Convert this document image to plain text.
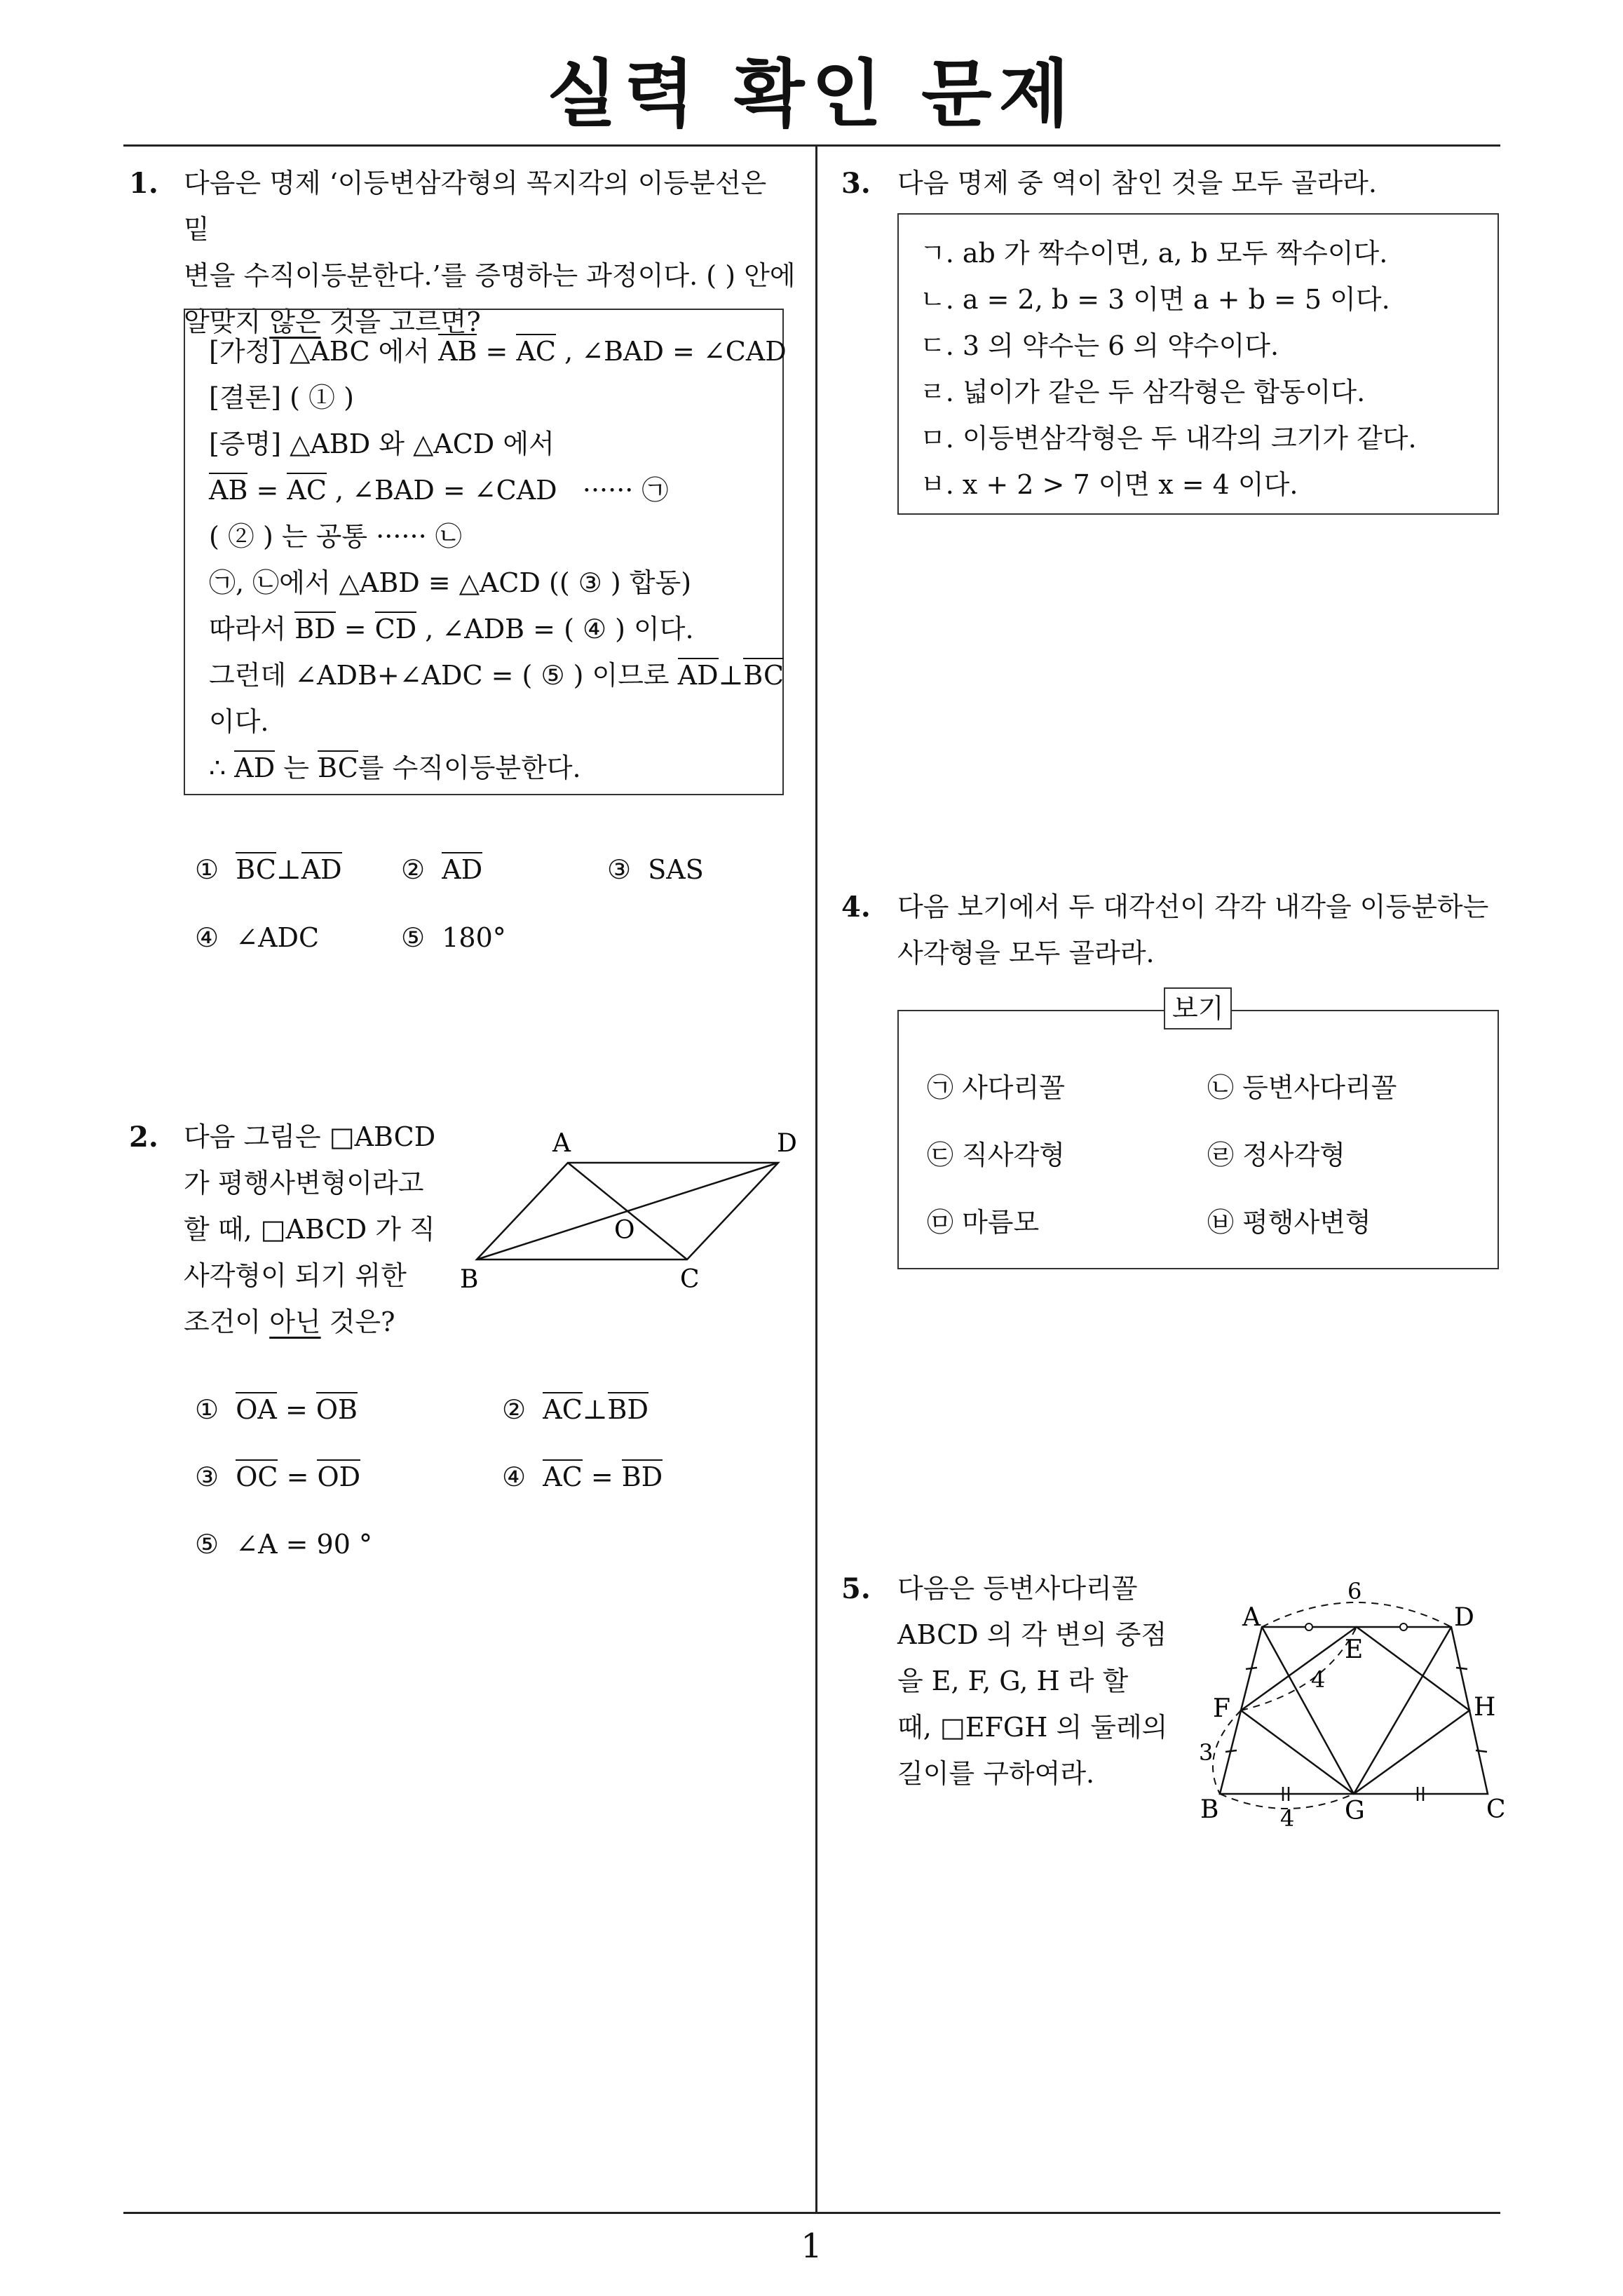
실력 확인 문제
1
1. 다음은 명제 ‘이등변삼각형의 꼭지각의 이등분선은 밑
변을 수직이등분한다.’를 증명하는 과정이다. ( ) 안에
알맞지 않은 것을 고르면?
[가정] △ABC 에서 AB = AC , ∠BAD = ∠CAD
[결론] ( ① )
[증명] △ABD 와 △ACD 에서
AB = AC , ∠BAD = ∠CAD   ······ ㉠
( ② ) 는 공통 ······ ㉡
㉠, ㉡에서 △ABD ≡ △ACD (( ③ ) 합동)
따라서 BD = CD , ∠ADB = ( ④ ) 이다.
그런데 ∠ADB+∠ADC = ( ⑤ ) 이므로 AD⊥BC
이다.
∴ AD 는 BC를 수직이등분한다.
① BC⊥AD ② AD	③ SAS
④ ∠ADC	⑤ 180°
2. 다음 그림은 □ABCD
가 평행사변형이라고
할 때, □ABCD 가 직
사각형이 되기 위한
조건이 아닌 것은?
A	D
B	C
O
① OA = OB	② AC⊥BD
③ OC = OD	④ AC = BD
⑤ ∠A = 90 °
3. 다음 명제 중 역이 참인 것을 모두 골라라.
ㄱ. ab 가 짝수이면, a, b 모두 짝수이다.
ㄴ. a = 2, b = 3 이면 a + b = 5 이다.
ㄷ. 3 의 약수는 6 의 약수이다.
ㄹ. 넓이가 같은 두 삼각형은 합동이다.
ㅁ. 이등변삼각형은 두 내각의 크기가 같다.
ㅂ. x + 2 > 7 이면 x = 4 이다.
4. 다음 보기에서 두 대각선이 각각 내각을 이등분하는
사각형을 모두 골라라.
보기
㉠ 사다리꼴	㉡ 등변사다리꼴
㉢ 직사각형	㉣ 정사각형
㉤ 마름모	㉥ 평행사변형
5. 다음은 등변사다리꼴
ABCD 의 각 변의 중점
을 E, F, G, H 라 할
때, □EFGH 의 둘레의
길이를 구하여라.
A	D
B	C
E
F
G
H
6
4
3
4
